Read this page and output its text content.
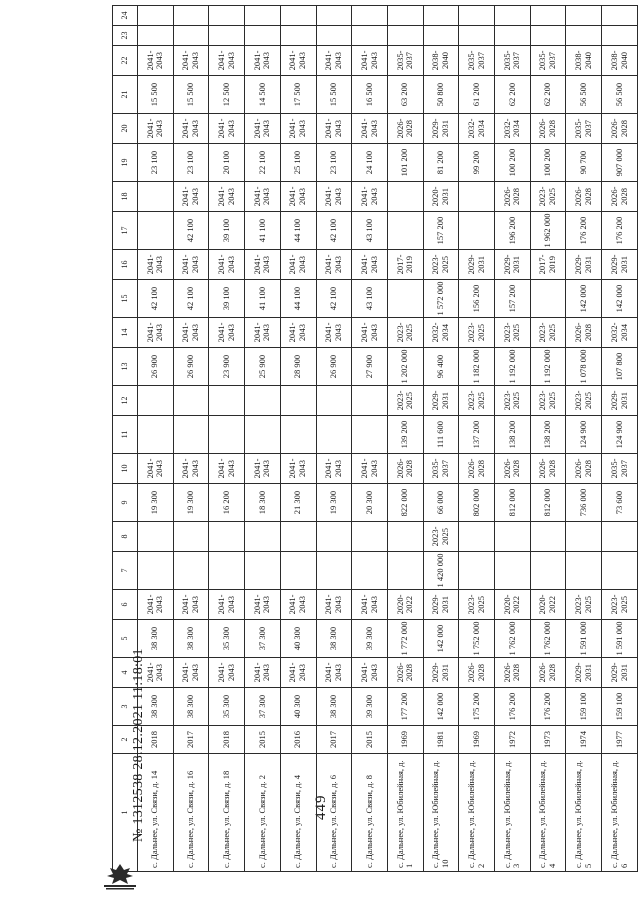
449
1	2	3	4	5	6	7	8	9	10	11	12	13	14	15	16	17	18	19	20	21	22	23	24
с. Дальнее, ул. Связи, д. 14	2018	38 300	2041-2043	38 300	2041-2043			19 300	2041-2043			26 900	2041-2043	42 100	2041-2043			23 100	2041-2043	15 500	2041-2043		
с. Дальнее, ул. Связи, д. 16	2017	38 300	2041-2043	38 300	2041-2043			19 300	2041-2043			26 900	2041-2043	42 100	2041-2043	42 100	2041-2043	23 100	2041-2043	15 500	2041-2043		
с. Дальнее, ул. Связи, д. 18	2018	35 300	2041-2043	35 300	2041-2043			16 200	2041-2043			23 900	2041-2043	39 100	2041-2043	39 100	2041-2043	20 100	2041-2043	12 500	2041-2043		
с. Дальнее, ул. Связи, д. 2	2015	37 300	2041-2043	37 300	2041-2043			18 300	2041-2043			25 900	2041-2043	41 100	2041-2043	41 100	2041-2043	22 100	2041-2043	14 500	2041-2043		
с. Дальнее, ул. Связи, д. 4	2016	40 300	2041-2043	40 300	2041-2043			21 300	2041-2043			28 900	2041-2043	44 100	2041-2043	44 100	2041-2043	25 100	2041-2043	17 500	2041-2043		
с. Дальнее, ул. Связи, д. 6	2017	38 300	2041-2043	38 300	2041-2043			19 300	2041-2043			26 900	2041-2043	42 100	2041-2043	42 100	2041-2043	23 100	2041-2043	15 500	2041-2043		
с. Дальнее, ул. Связи, д. 8	2015	39 300	2041-2043	39 300	2041-2043			20 300	2041-2043			27 900	2041-2043	43 100	2041-2043	43 100	2041-2043	24 100	2041-2043	16 500	2041-2043		
с. Дальнее, ул. Юбилейная, д. 1	1969	177 200	2026-2028	1 772 000	2020-2022			822 000	2026-2028	139 200	2023-2025	1 202 000	2023-2025		2017-2019			101 200	2026-2028	63 200	2035-2037		
с. Дальнее, ул. Юбилейная, д. 10	1981	142 000	2029-2031	142 000	2029-2031	1 420 000	2023-2025	66 000	2035-2037	111 600	2029-2031	96 400	2032-2034	1 572 000	2023-2025	157 200	2020-2031	81 200	2029-2031	50 800	2038-2040		
с. Дальнее, ул. Юбилейная, д. 2	1969	175 200	2026-2028	1 752 000	2023-2025			802 000	2026-2028	137 200	2023-2025	1 182 000	2023-2025	156 200	2029-2031			99 200	2032-2034	61 200	2035-2037		
с. Дальнее, ул. Юбилейная, д. 3	1972	176 200	2026-2028	1 762 000	2020-2022			812 000	2026-2028	138 200	2023-2025	1 192 000	2023-2025	157 200	2029-2031	196 200	2026-2028	100 200	2032-2034	62 200	2035-2037		
с. Дальнее, ул. Юбилейная, д. 4	1973	176 200	2026-2028	1 762 000	2020-2022			812 000	2026-2028	138 200	2023-2025	1 192 000	2023-2025		2017-2019	1 962 000	2023-2025	100 200	2026-2028	62 200	2035-2037		
с. Дальнее, ул. Юбилейная, д. 5	1974	159 100	2029-2031	1 591 000	2023-2025			736 000	2026-2028	124 900	2023-2025	1 078 000	2026-2028	142 000	2029-2031	176 200	2026-2028	90 700	2035-2037	56 500	2038-2040		
с. Дальнее, ул. Юбилейная, д. 6	1977	159 100	2029-2031	1 591 000	2023-2025			73 600	2035-2037	124 900	2029-2031	107 800	2032-2034	142 000	2029-2031	176 200	2026-2028	907 000	2026-2028	56 500	2038-2040		
№ 1312538 28.12.2021 11:18:01
